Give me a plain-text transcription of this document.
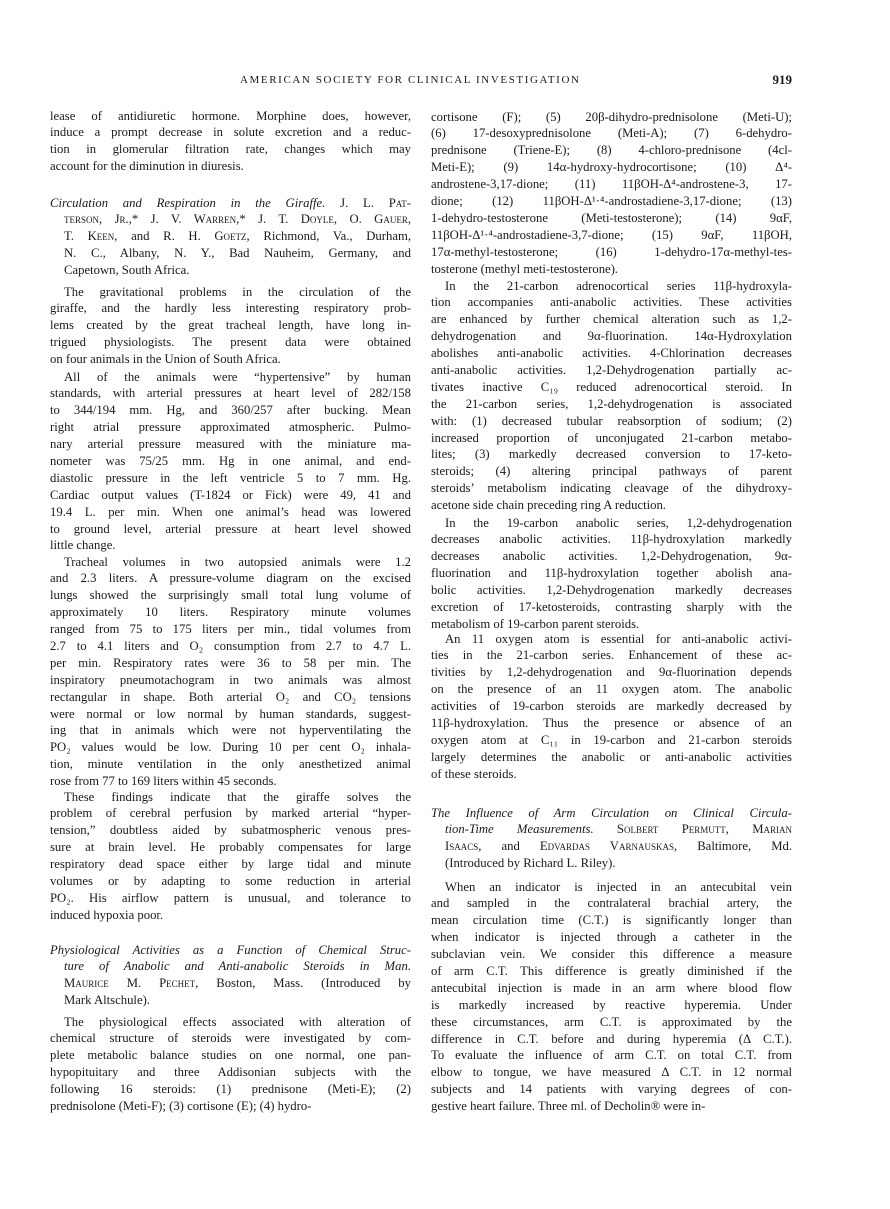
AMERICAN SOCIETY FOR CLINICAL INVESTIGATION	919
lease of antidiuretic hormone. Morphine does, however,
induce a prompt decrease in solute excretion and a reduc-
tion in glomerular filtration rate, changes which may
account for the diminution in diuresis.
Circulation and Respiration in the Giraffe. J. L. Pat-
terson, Jr.,* J. V. Warren,* J. T. Doyle, O. Gauer,
T. Keen, and R. H. Goetz, Richmond, Va., Durham,
N. C., Albany, N. Y., Bad Nauheim, Germany, and
Capetown, South Africa.
The gravitational problems in the circulation of the
giraffe, and the hardly less interesting respiratory prob-
lems created by the great tracheal length, have long in-
trigued physiologists. The present data were obtained
on four animals in the Union of South Africa.
All of the animals were “hypertensive” by human
standards, with arterial pressures at heart level of 282/158
to 344/194 mm. Hg, and 360/257 after bucking. Mean
right atrial pressure approximated atmospheric. Pulmo-
nary arterial pressure measured with the miniature ma-
nometer was 75/25 mm. Hg in one animal, and end-
diastolic pressure in the left ventricle 5 to 7 mm. Hg.
Cardiac output values (T-1824 or Fick) were 49, 41 and
19.4 L. per min. When one animal’s head was lowered
to ground level, arterial pressure at heart level showed
little change.
Tracheal volumes in two autopsied animals were 1.2
and 2.3 liters. A pressure-volume diagram on the excised
lungs showed the surprisingly small total lung volume of
approximately 10 liters. Respiratory minute volumes
ranged from 75 to 175 liters per min., tidal volumes from
2.7 to 4.1 liters and O₂ consumption from 2.7 to 4.7 L.
per min. Respiratory rates were 36 to 58 per min. The
inspiratory pneumotachogram in two animals was almost
rectangular in shape. Both arterial O₂ and CO₂ tensions
were normal or low normal by human standards, suggest-
ing that in animals which were not hyperventilating the
PO₂ values would be low. During 10 per cent O₂ inhala-
tion, minute ventilation in the only anesthetized animal
rose from 77 to 169 liters within 45 seconds.
These findings indicate that the giraffe solves the
problem of cerebral perfusion by marked arterial “hyper-
tension,” doubtless aided by subatmospheric venous pres-
sure at brain level. He probably compensates for large
respiratory dead space either by large tidal and minute
volumes or by adapting to some reduction in arterial
PO₂. His airflow pattern is unusual, and tolerance to
induced hypoxia poor.
Physiological Activities as a Function of Chemical Struc-
ture of Anabolic and Anti-anabolic Steroids in Man.
Maurice M. Pechet, Boston, Mass. (Introduced by
Mark Altschule).
The physiological effects associated with alteration of
chemical structure of steroids were investigated by com-
plete metabolic balance studies on one normal, one pan-
hypopituitary and three Addisonian subjects with the
following 16 steroids: (1) prednisone (Meti-E); (2)
prednisolone (Meti-F); (3) cortisone (E); (4) hydro-
cortisone (F); (5) 20β-dihydro-prednisolone (Meti-U);
(6) 17-desoxyprednisolone (Meti-A); (7) 6-dehydro-
prednisone (Triene-E); (8) 4-chloro-prednisone (4cl-
Meti-E); (9) 14α-hydroxy-hydrocortisone; (10) Δ⁴-
androstene-3,17-dione; (11) 11βOH-Δ⁴-androstene-3, 17-
dione; (12) 11βOH-Δ¹·⁴-androstadiene-3,17-dione; (13)
1-dehydro-testosterone (Meti-testosterone); (14) 9αF,
11βOH-Δ¹·⁴-androstadiene-3,7-dione; (15) 9αF, 11βOH,
17α-methyl-testosterone; (16) 1-dehydro-17α-methyl-tes-
tosterone (methyl meti-testosterone).
In the 21-carbon adrenocortical series 11β-hydroxyla-
tion accompanies anti-anabolic activities. These activities
are enhanced by further chemical alteration such as 1,2-
dehydrogenation and 9α-fluorination. 14α-Hydroxylation
abolishes anti-anabolic activities. 4-Chlorination decreases
anti-anabolic activities. 1,2-Dehydrogenation partially ac-
tivates inactive C₁₉ reduced adrenocortical steroid. In
the 21-carbon series, 1,2-dehydrogenation is associated
with: (1) decreased tubular reabsorption of sodium; (2)
increased proportion of unconjugated 21-carbon metabo-
lites; (3) markedly decreased conversion to 17-keto-
steroids; (4) altering principal pathways of parent
steroids’ metabolism indicating cleavage of the dihydroxy-
acetone side chain preceding ring A reduction.
In the 19-carbon anabolic series, 1,2-dehydrogenation
decreases anabolic activities. 11β-hydroxylation markedly
decreases anabolic activities. 1,2-Dehydrogenation, 9α-
fluorination and 11β-hydroxylation together abolish ana-
bolic activities. 1,2-Dehydrogenation markedly decreases
excretion of 17-ketosteroids, contrasting sharply with the
metabolism of 19-carbon parent steroids.
An 11 oxygen atom is essential for anti-anabolic activi-
ties in the 21-carbon series. Enhancement of these ac-
tivities by 1,2-dehydrogenation and 9α-fluorination depends
on the presence of an 11 oxygen atom. The anabolic
activities of 19-carbon steroids are markedly decreased by
11β-hydroxylation. Thus the presence or absence of an
oxygen atom at C₁₁ in 19-carbon and 21-carbon steroids
largely determines the anabolic or anti-anabolic activities
of these steroids.
The Influence of Arm Circulation on Clinical Circula-
tion-Time Measurements. Solbert Permutt, Marian
Isaacs, and Edvardas Varnauskas, Baltimore, Md.
(Introduced by Richard L. Riley).
When an indicator is injected in an antecubital vein
and sampled in the contralateral brachial artery, the
mean circulation time (C.T.) is significantly longer than
when indicator is injected through a catheter in the
subclavian vein. We consider this difference a measure
of arm C.T. This difference is greatly diminished if the
antecubital injection is made in an arm where blood flow
is markedly increased by reactive hyperemia. Under
these circumstances, arm C.T. is approximated by the
difference in C.T. before and during hyperemia (Δ C.T.).
To evaluate the influence of arm C.T. on total C.T. from
elbow to tongue, we have measured Δ C.T. in 12 normal
subjects and 14 patients with varying degrees of con-
gestive heart failure. Three ml. of Decholin® were in-
